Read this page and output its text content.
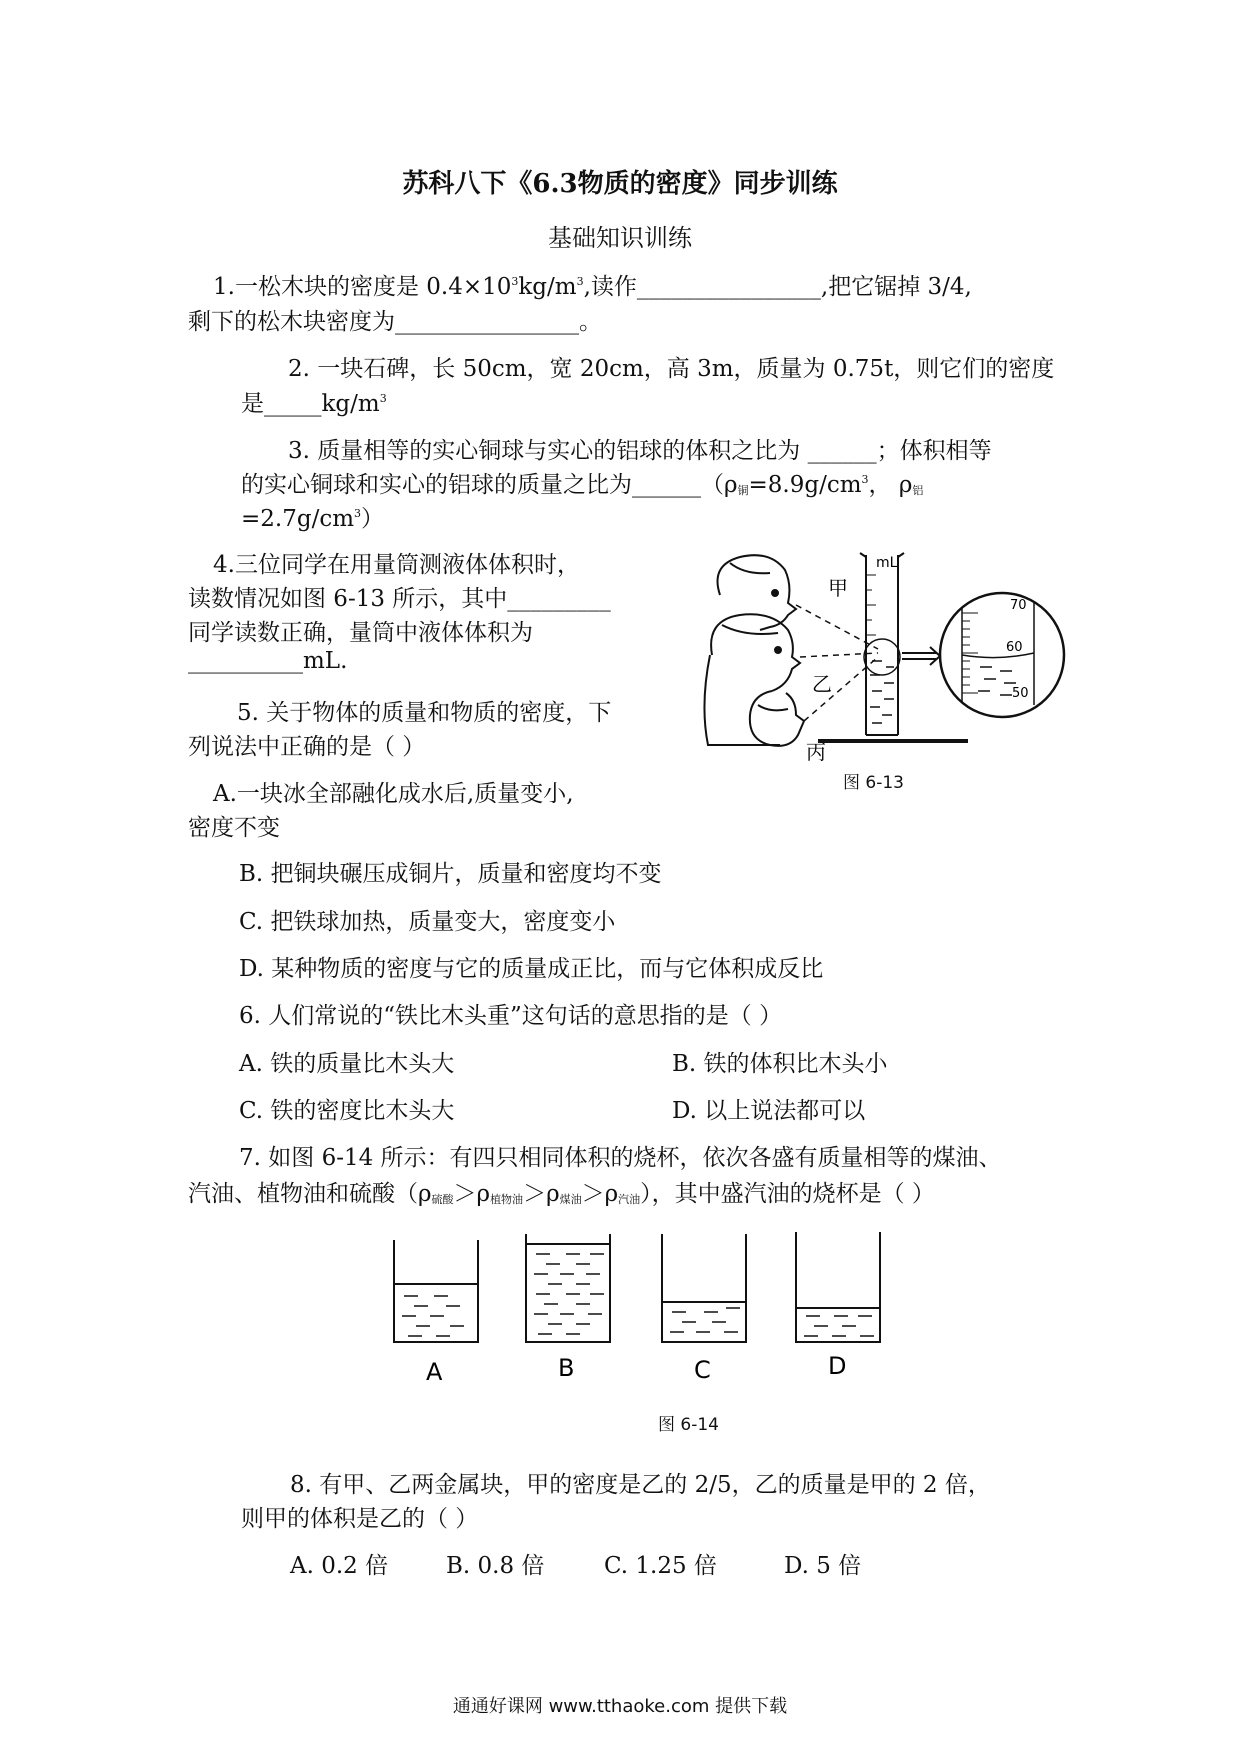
苏科八下《6.3物质的密度》同步训练
基础知识训练
1.一松木块的密度是 $0.4\times 10^3kg/m^3$,读作________________,把它锯掉 3/4,
剩下的松木块密度为________________。
2. 一块石碑，长 50cm，宽 20cm，高 3m，质量为 0.75t，则它们的密度
是$\_\_\_\_\_kg/m^3$
3. 质量相等的实心铜球与实心的铝球的体积之比为 ______；体积相等
的实心铜球和实心的铝球的质量之比为$\_\_\_\_\_\_(\rho_铜=8.9g/cm^3$， $\rho_铝$
$=2.7g/cm^3$）
4.三位同学在用量筒测液体体积时，
读数情况如图 6-13 所示，其中_________
同学读数正确，量筒中液体体积为
__________mL.
甲
乙
丙
mL
70
60
50
图 6-13
5. 关于物体的质量和物质的密度，下
列说法中正确的是（ ）
A.一块冰全部融化成水后,质量变小,
密度不变
B. 把铜块碾压成铜片，质量和密度均不变
C. 把铁球加热，质量变大，密度变小
D. 某种物质的密度与它的质量成正比，而与它体积成反比
6. 人们常说的“铁比木头重”这句话的意思指的是（ ）
A. 铁的质量比木头大	B. 铁的体积比木头小
C. 铁的密度比木头大	D. 以上说法都可以
7. 如图 6-14 所示：有四只相同体积的烧杯，依次各盛有质量相等的煤油、
汽油、植物油和硫酸$(\rho_{硫酸}>\rho_{植物油}>\rho_{煤油}>\rho_{汽油})$，其中盛汽油的烧杯是（ ）
A	B	C	D
图 6-14
8. 有甲、乙两金属块，甲的密度是乙的 2/5，乙的质量是甲的 2 倍，
则甲的体积是乙的（ ）
A. 0.2 倍	B. 0.8 倍	C. 1.25 倍	D. 5 倍
通通好课网 www.tthaoke.com 提供下载
